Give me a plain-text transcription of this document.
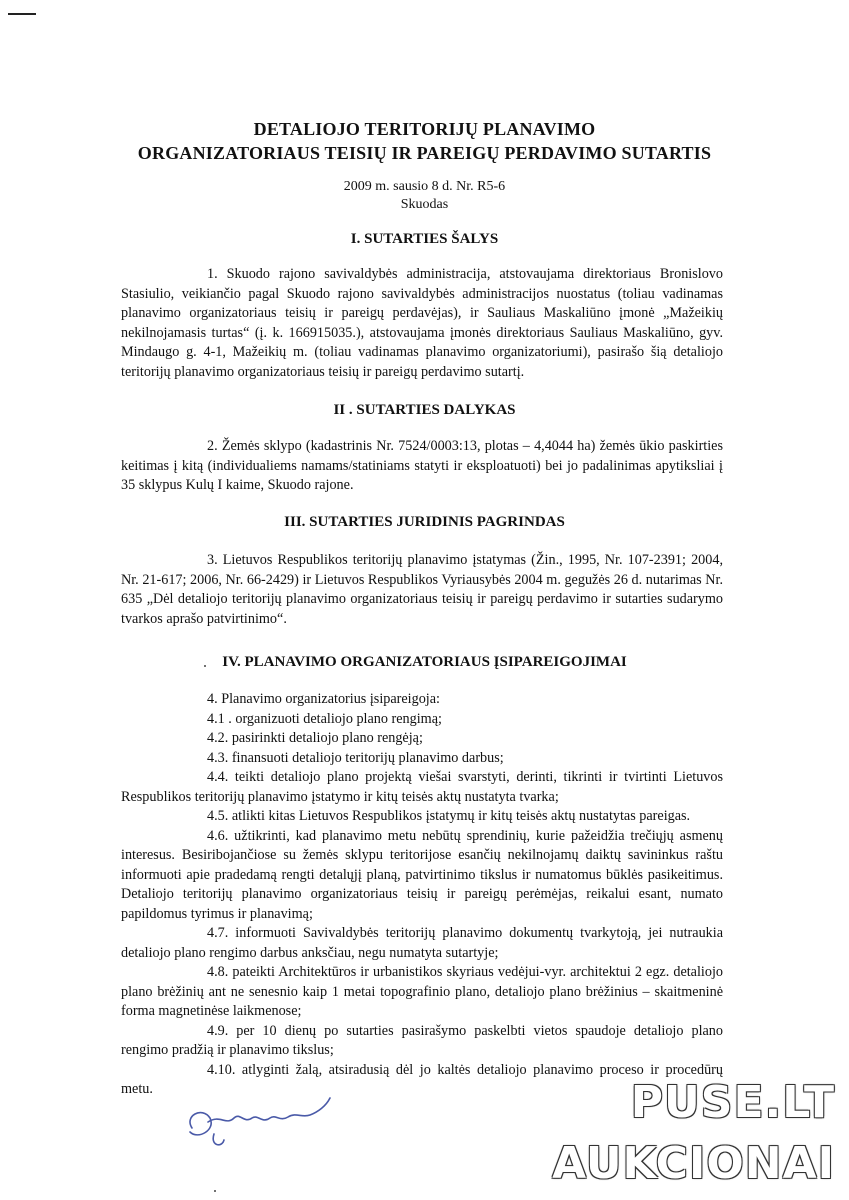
DETALIOJO TERITORIJŲ PLANAVIMO
ORGANIZATORIAUS TEISIŲ IR PAREIGŲ PERDAVIMO SUTARTIS
2009 m. sausio 8 d. Nr. R5-6
Skuodas
I. SUTARTIES ŠALYS
1. Skuodo rajono savivaldybės administracija, atstovaujama direktoriaus Bronislovo Stasiulio, veikiančio pagal Skuodo rajono savivaldybės administracijos nuostatus (toliau vadinamas planavimo organizatoriaus teisių ir pareigų perdavėjas), ir Sauliaus Maskaliūno įmonė „Mažeikių nekilnojamasis turtas“ (į. k. 166915035.), atstovaujama įmonės direktoriaus Sauliaus Maskaliūno, gyv. Mindaugo g. 4-1, Mažeikių m. (toliau vadinamas planavimo organizatoriumi), pasirašo šią detaliojo teritorijų planavimo organizatoriaus teisių ir pareigų perdavimo sutartį.
II . SUTARTIES DALYKAS
2. Žemės sklypo (kadastrinis Nr. 7524/0003:13, plotas – 4,4044 ha) žemės ūkio paskirties keitimas į kitą (individualiems namams/statiniams statyti ir eksploatuoti) bei jo padalinimas apytiksliai į 35 sklypus Kulų I kaime, Skuodo rajone.
III. SUTARTIES JURIDINIS PAGRINDAS
3. Lietuvos Respublikos teritorijų planavimo įstatymas (Žin., 1995, Nr. 107-2391; 2004, Nr. 21-617; 2006, Nr. 66-2429) ir Lietuvos Respublikos Vyriausybės 2004 m. gegužės 26 d. nutarimas Nr. 635 „Dėl detaliojo teritorijų planavimo organizatoriaus teisių ir pareigų perdavimo ir sutarties sudarymo tvarkos aprašo patvirtinimo“.
IV. PLANAVIMO ORGANIZATORIAUS ĮSIPAREIGOJIMAI
4. Planavimo organizatorius įsipareigoja:
4.1 . organizuoti detaliojo plano rengimą;
4.2. pasirinkti detaliojo plano rengėją;
4.3. finansuoti detaliojo teritorijų planavimo darbus;
4.4. teikti detaliojo plano projektą viešai svarstyti, derinti, tikrinti ir tvirtinti Lietuvos Respublikos teritorijų planavimo įstatymo ir kitų teisės aktų nustatyta tvarka;
4.5. atlikti kitas Lietuvos Respublikos įstatymų ir kitų teisės aktų nustatytas pareigas.
4.6. užtikrinti, kad planavimo metu nebūtų sprendinių, kurie pažeidžia trečiųjų asmenų interesus. Besiribojančiose su žemės sklypu teritorijose esančių nekilnojamų daiktų savininkus raštu informuoti apie pradedamą rengti detalųjį planą, patvirtinimo tikslus ir numatomus būklės pasikeitimus. Detaliojo teritorijų planavimo organizatoriaus teisių ir pareigų perėmėjas, reikalui esant, numato papildomus tyrimus ir planavimą;
4.7. informuoti Savivaldybės teritorijų planavimo dokumentų tvarkytoją, jei nutraukia detaliojo plano rengimo darbus anksčiau, negu numatyta sutartyje;
4.8. pateikti Architektūros ir urbanistikos skyriaus vedėjui-vyr. architektui 2 egz. detaliojo plano brėžinių ant ne senesnio kaip 1 metai topografinio plano, detaliojo plano brėžinius – skaitmeninė forma magnetinėse laikmenose;
4.9. per 10 dienų po sutarties pasirašymo paskelbti vietos spaudoje detaliojo plano rengimo pradžią ir planavimo tikslus;
4.10. atlyginti žalą, atsiradusią dėl jo kaltės detaliojo planavimo proceso ir procedūrų metu.	PUSE.LT
AUKCIONAI
